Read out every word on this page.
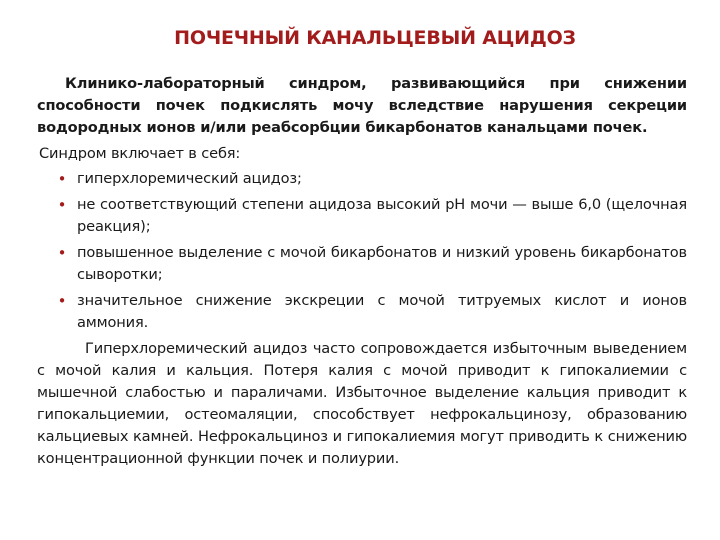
ПОЧЕЧНЫЙ КАНАЛЬЦЕВЫЙ АЦИДОЗ

Клинико-лабораторный синдром, развивающийся при снижении способности почек подкислять мочу вследствие нарушения секреции водородных ионов и/или реабсорбции бикарбонатов канальцами почек.

Синдром включает в себя:

• гиперхлоремический ацидоз;
• не соответствующий степени ацидоза высокий pH мочи — выше 6,0 (щелочная реакция);
• повышенное выделение с мочой бикарбонатов и низкий уровень бикарбонатов сыворотки;
• значительное снижение экскреции с мочой титруемых кислот и ионов аммония.

Гиперхлоремический ацидоз часто сопровождается избыточным выведением с мочой калия и кальция. Потеря калия с мочой приводит к гипокалиемии с мышечной слабостью и параличами. Избыточное выделение кальция приводит к гипокальциемии, остеомаляции, способствует нефрокальцинозу, образованию кальциевых камней. Нефрокальциноз и гипокалиемия могут приводить к снижению концентрационной функции почек и полиурии.
